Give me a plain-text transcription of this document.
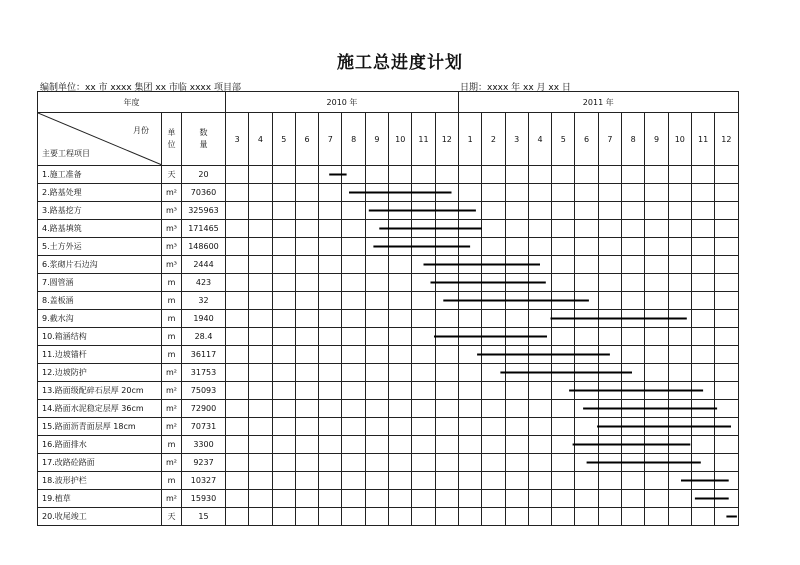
施工总进度计划
编制单位：xx 市 xxxx 集团 xx 市临 xxxx 项目部	日期：xxxx 年 xx 月 xx 日
年度			2010 年										2011 年											

月份
主要工程项目	单位	数量	3	4	5	6	7	8	9	10	11	12	1	2	3	4	5	6	7	8	9	10	11	12
1.施工准备	天	20																						
2.路基处理	m²	70360																						
3.路基挖方	m³	325963																						
4.路基填筑	m³	171465																						
5.土方外运	m³	148600																						
6.浆砌片石边沟	m³	2444																						
7.圆管涵	m	423																						
8.盖板涵	m	32																						
9.截水沟	m	1940																						
10.箱涵结构	m	28.4																						
11.边坡锚杆	m	36117																						
12.边坡防护	m²	31753																						
13.路面级配碎石层厚 20cm	m²	75093																						
14.路面水泥稳定层厚 36cm	m²	72900																						
15.路面沥青面层厚 18cm	m²	70731																						
16.路面排水	m	3300																						
17.改路砼路面	m²	9237																						
18.波形护栏	m	10327																						
19.植草	m²	15930																						
20.收尾竣工	天	15																						
